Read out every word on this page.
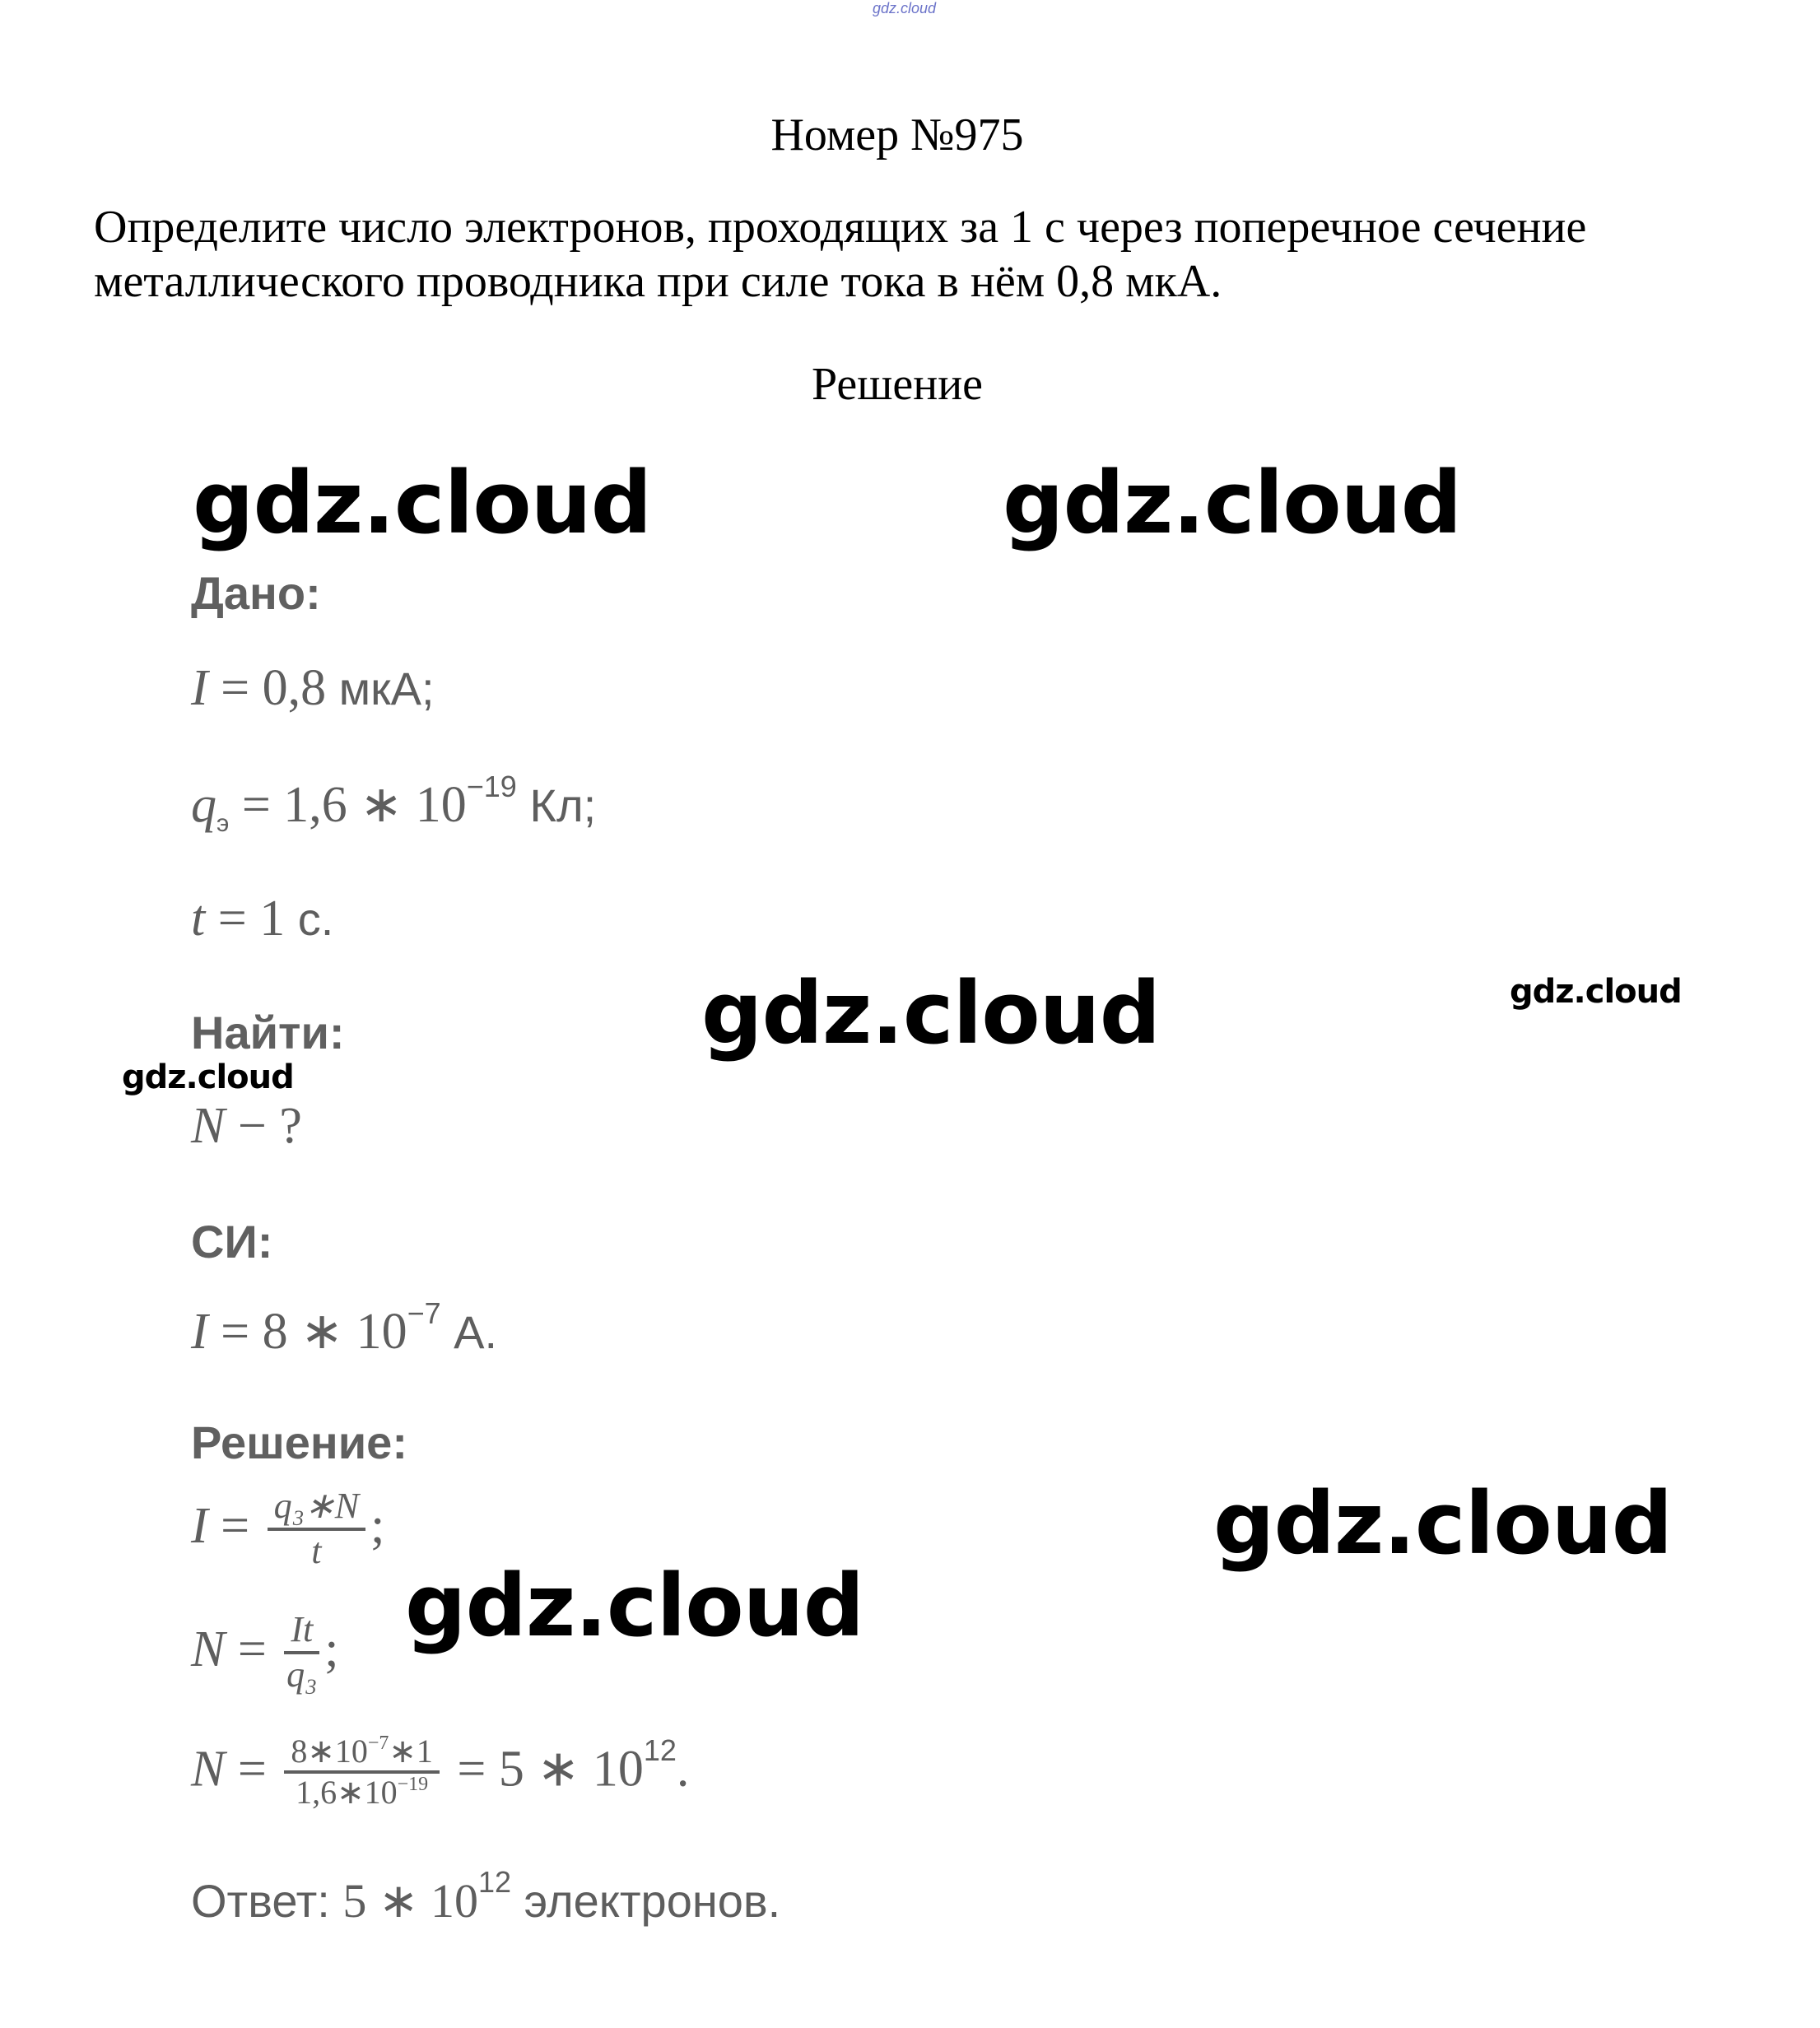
gdz.cloud
Номер №975
Определите число электронов, проходящих за 1 с через поперечное сечение
металлического проводника при силе тока в нём 0,8 мкА.
Решение
Дано:
I = 0,8 мкА;
$q_э = 1,6$ ∗ $10^{-19}$ Кл;
t = 1 с.
Найти:
N − ?
СИ:
I = 8 ∗ $10^{-7}$ А.
Решение:
$I = \frac{\text{q₃∗N}}{t}$ ;
$N = \frac{It}{\text{q₃}}$ ;
$N = \frac{8∗10^{-7}∗1}{1,6∗10^{-19}} = 5$ ∗ $10^{12}$.
Ответ: 5 ∗ $10^{12}$ электронов.
gdz.cloud	gdz.cloud
gdz.cloud	gdz.cloud
gdz.cloud
gdz.cloud
gdz.cloud
